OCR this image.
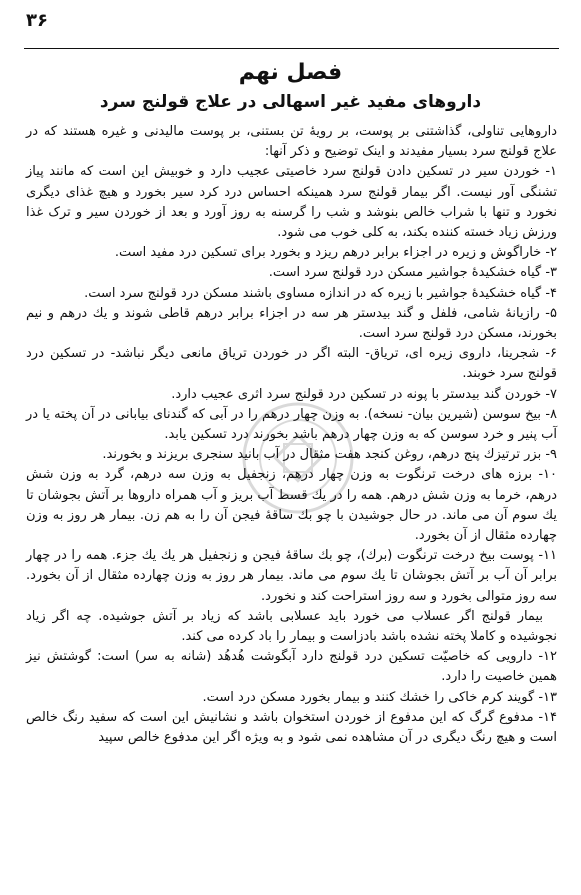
۳۶
فصل نهم
داروهای مفید غیر اسهالی در علاج قولنج سرد

داروهایی تناولی، گذاشتنی بر پوست، بر رویهٔ تن بستنی، بر پوست مالیدنی و غیره هستند که در علاج قولنج سرد بسیار مفیدند و اینک توضیح و ذکر آنها:

۱- خوردن سیر در تسکین دادن قولنج سرد خاصیتی عجیب دارد و خوبیش این است که مانند پیاز تشنگی آور نیست. اگر بیمار قولنج سرد همینکه احساس درد کرد سیر بخورد و هیچ غذای دیگری نخورد و تنها با شراب خالص بنوشد و شب را گرسنه به روز آورد و بعد از خوردن سیر و ترک غذا ورزش زیاد خسته کننده بکند، به کلی خوب می شود.

۲- خاراگوش و زیره در اجزاء برابر درهم ریزد و بخورد برای تسکین درد مفید است.

۳- گیاه خشکیدهٔ جواشیر مسکن درد قولنج سرد است.

۴- گیاه خشکیدهٔ جواشیر با زیره که در اندازه مساوی باشند مسکن درد قولنج سرد است.

۵- رازیانهٔ شامی، فلفل و گند بیدستر هر سه در اجزاء برابر درهم قاطی شوند و یك درهم و نیم بخورند، مسکن درد قولنج سرد است.

۶- شجرینا، داروی زیره ای، تریاق- البته اگر در خوردن تریاق مانعی دیگر نباشد- در تسکین درد قولنج سرد خوبند.

۷- خوردن گند بیدستر با پونه در تسکین درد قولنج سرد اثری عجیب دارد.

۸- بیخ سوسن (شیرین بیان- نسخه). به وزن چهار درهم را در آبی که گندنای بیابانی در آن پخته یا در آب پنیر و خرد سوسن که به وزن چهار درهم باشد بخورند درد تسکین یابد.

۹- بزر ترتیزك پنج درهم، روغن کنجد هفت مثقال در آب بانید سنجری بریزند و بخورند.

۱۰- برزه های درخت ترنگوت به وزن چهار درهم، زنجفیل به وزن سه درهم، گرد به وزن شش درهم، خرما به وزن شش درهم. همه را در یك قسط آب بریز و آب همراه داروها بر آتش بجوشان تا یك سوم آن می ماند. در حال جوشیدن با چو بك ساقهٔ فیجن آن را به هم زن. بیمار هر روز به وزن چهارده مثقال از آن بخورد.

۱۱- پوست بیخ درخت ترنگوت (برك)، چو بك ساقهٔ فیجن و زنجفیل هر یك یك جزء. همه را در چهار برابر آن آب بر آتش بجوشان تا یك سوم می ماند. بیمار هر روز به وزن چهارده مثقال از آن بخورد. سه روز متوالی بخورد و سه روز استراحت کند و نخورد.

بیمار قولنج اگر عسلاب می خورد باید عسلابی باشد که زیاد بر آتش جوشیده. چه اگر زیاد نجوشیده و کاملا پخته نشده باشد بادزاست و بیمار را باد کرده می کند.

۱۲- دارویی که خاصیّت تسکین درد قولنج دارد آبگوشت هُدهُد (شانه به سر) است: گوشتش نیز همین خاصیت را دارد.

۱۳- گویند کرم خاکی را خشك کنند و بیمار بخورد مسکن درد است.

۱۴- مدفوع گرگ که این مدفوع از خوردن استخوان باشد و نشانیش این است که سفید رنگ خالص است و هیچ رنگ دیگری در آن مشاهده نمی شود و به ویژه اگر این مدفوع خالص سپید
